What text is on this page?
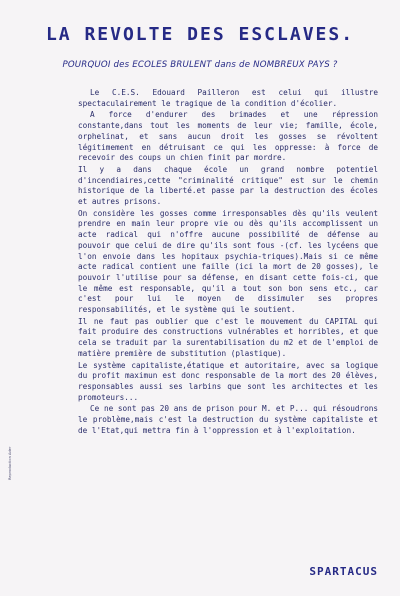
LA REVOLTE DES ESCLAVES.
POURQUOI des ECOLES BRULENT dans de NOMBREUX PAYS ?

Le C.E.S. Edouard Pailleron est celui qui illustre spectaculairement le tragique de la condition d'écolier.

A force d'endurer des brimades et une répression constante,dans tout les moments de leur vie; famille, école, orphelinat, et sans aucun droit les gosses se révoltent légitimement en détruisant ce qui les oppresse: à force de recevoir des coups un chien finit par mordre.

Il y a dans chaque école un grand nombre potentiel d'incendiaires,cette "criminalité critique" est sur le chemin historique de la liberté.et passe par la destruction des écoles et autres prisons.

On considère les gosses comme irresponsables dès qu'ils veulent prendre en main leur propre vie ou dès qu'ils accomplissent un acte radical qui n'offre aucune possibilité de défense au pouvoir que celui de dire qu'ils sont fous -(cf. les lycéens que l'on envoie dans les hopitaux psychia-triques).Mais si ce même acte radical contient une faille (ici la mort de 20 gosses), le pouvoir l'utilise pour sa défense, en disant cette fois-ci, que le même est responsable, qu'il a tout son bon sens etc., car c'est pour lui le moyen de dissimuler ses propres responsabilités, et le système qui le soutient.

Il ne faut pas oublier que c'est le mouvement du CAPITAL qui fait produire des constructions vulnérables et horribles, et que cela se traduit par la surentabilisation du m2 et de l'emploi de matière première de substitution (plastique).

Le système capitaliste,étatique et autoritaire, avec sa logique du profit maximun est donc responsable de la mort des 20 élèves, responsables aussi ses larbins que sont les architectes et les promoteurs...

Ce ne sont pas 20 ans de prison pour M. et P... qui résoudrons le problème,mais c'est la destruction du système capitaliste et de l'Etat,qui mettra fin à l'oppression et à l'exploitation.

Reproduction Ader
SPARTACUS
